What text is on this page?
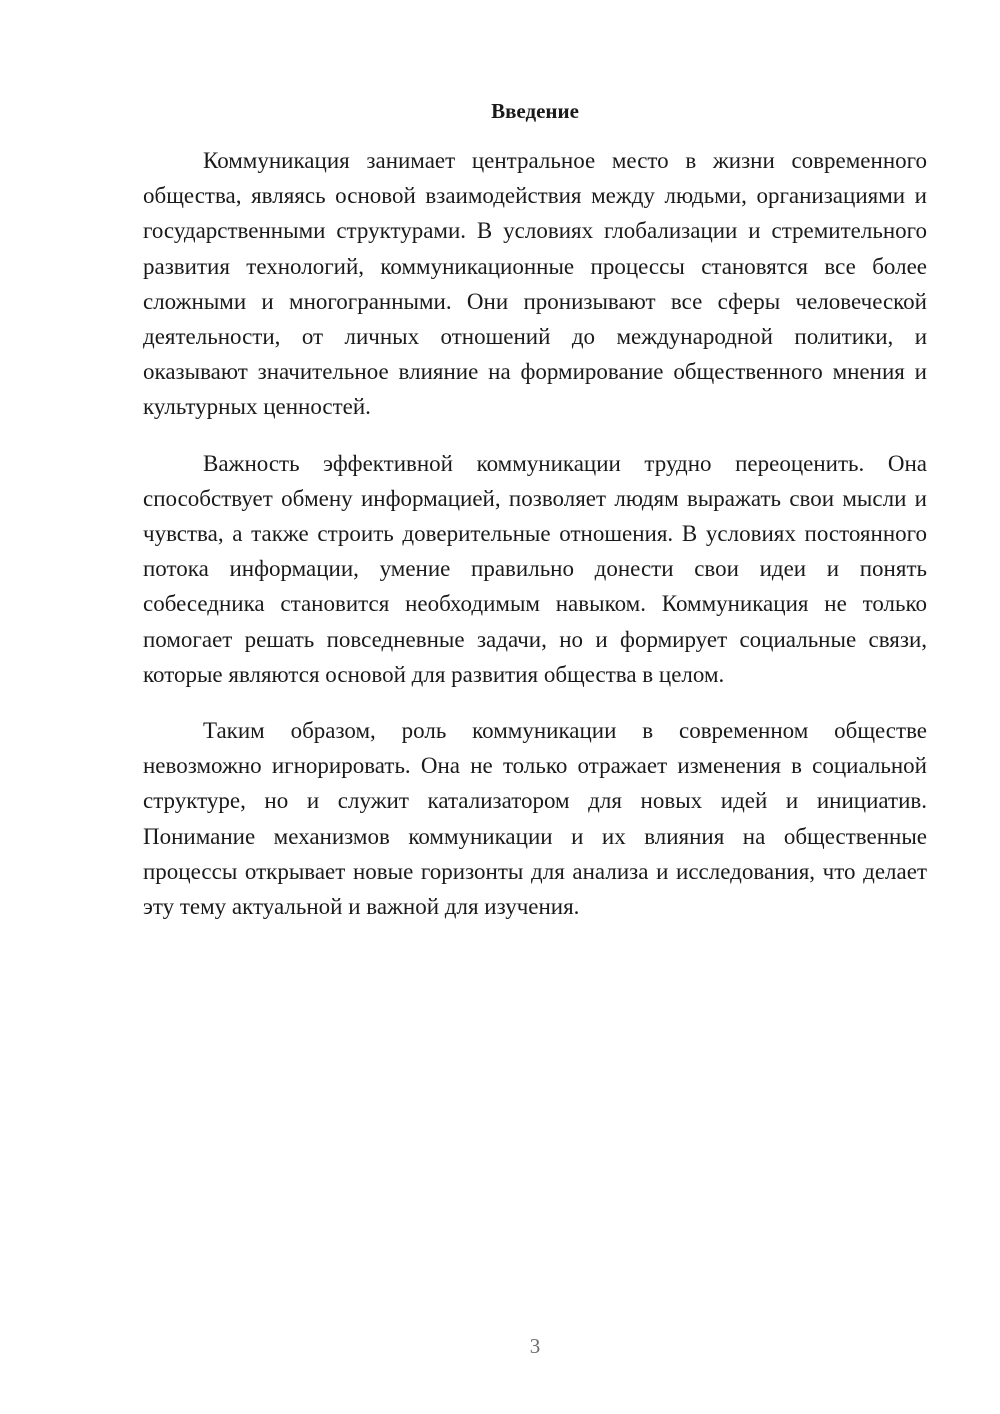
Введение

Коммуникация занимает центральное место в жизни современного общества, являясь основой взаимодействия между людьми, организациями и государственными структурами. В условиях глобализации и стремительного развития технологий, коммуникационные процессы становятся все более сложными и многогранными. Они пронизывают все сферы человеческой деятельности, от личных отношений до международной политики, и оказывают значительное влияние на формирование общественного мнения и культурных ценностей.

Важность эффективной коммуникации трудно переоценить. Она способствует обмену информацией, позволяет людям выражать свои мысли и чувства, а также строить доверительные отношения. В условиях постоянного потока информации, умение правильно донести свои идеи и понять собеседника становится необходимым навыком. Коммуникация не только помогает решать повседневные задачи, но и формирует социальные связи, которые являются основой для развития общества в целом.

Таким образом, роль коммуникации в современном обществе невозможно игнорировать. Она не только отражает изменения в социальной структуре, но и служит катализатором для новых идей и инициатив. Понимание механизмов коммуникации и их влияния на общественные процессы открывает новые горизонты для анализа и исследования, что делает эту тему актуальной и важной для изучения.

3
